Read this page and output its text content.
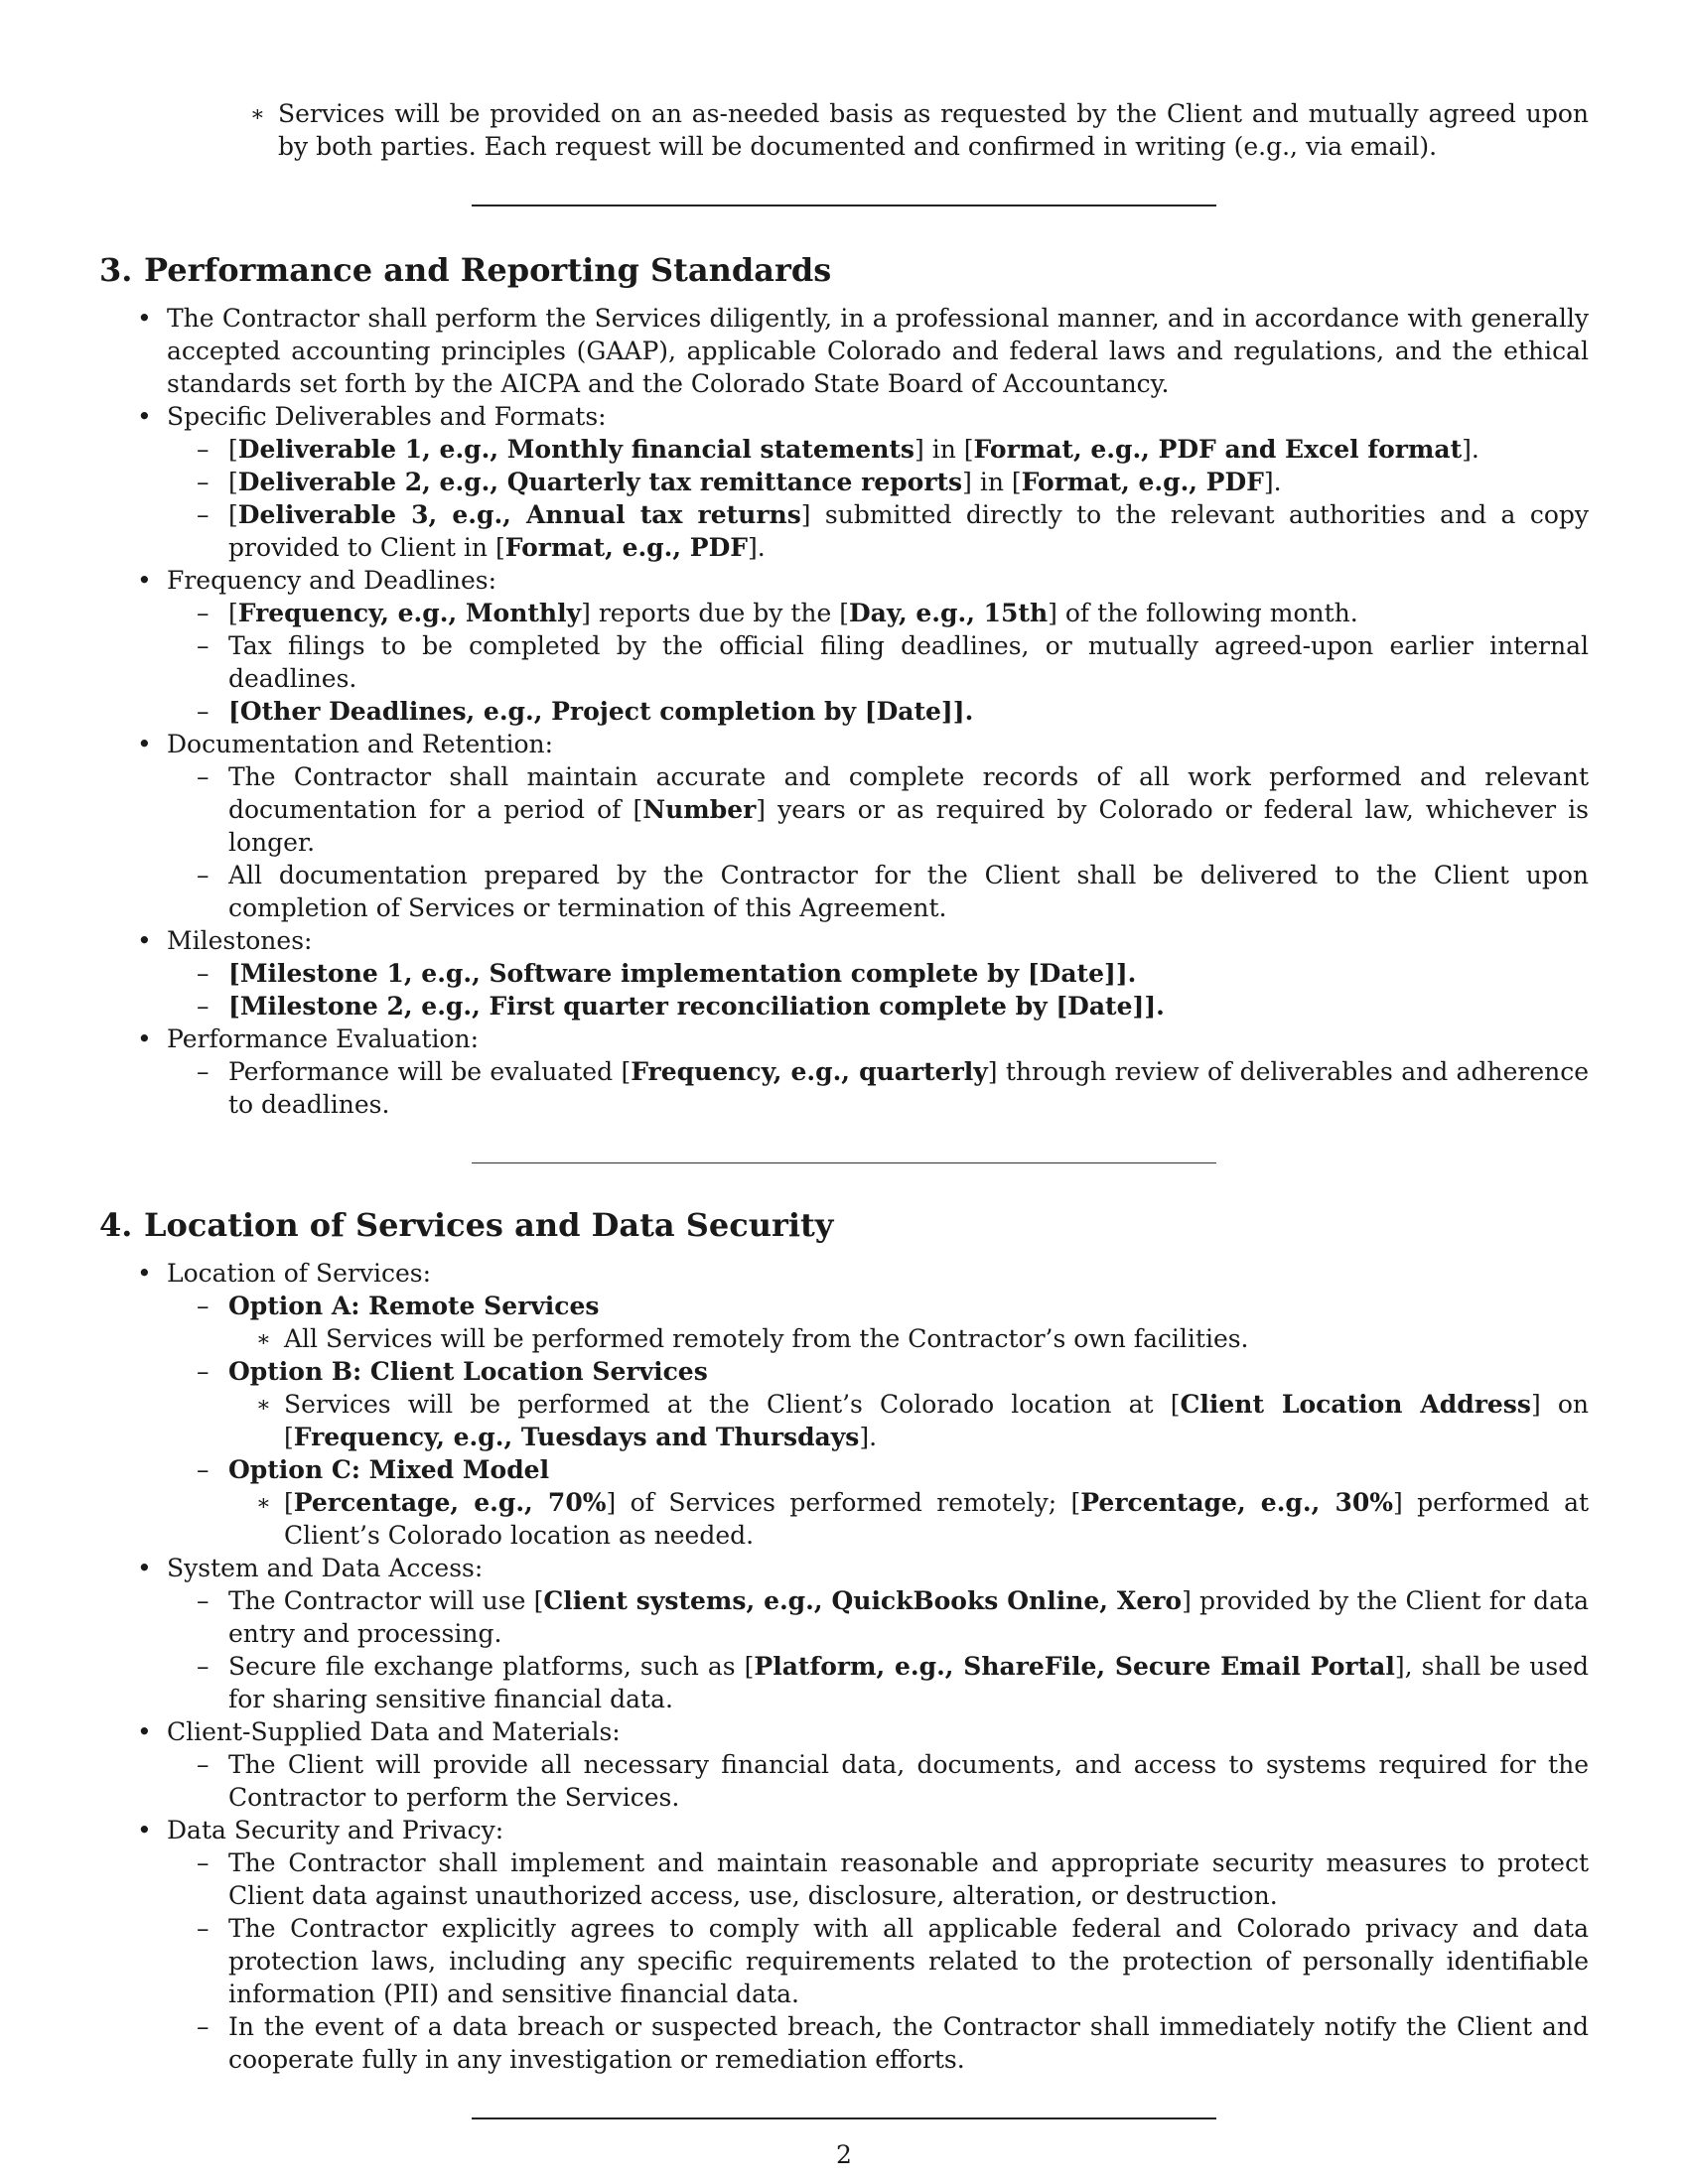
∗ Services will be provided on an as-needed basis as requested by the Client and mutually agreed upon by both parties. Each request will be documented and confirmed in writing (e.g., via email).
3. Performance and Reporting Standards
• The Contractor shall perform the Services diligently, in a professional manner, and in accordance with generally accepted accounting principles (GAAP), applicable Colorado and federal laws and regulations, and the ethical standards set forth by the AICPA and the Colorado State Board of Accountancy.
• Specific Deliverables and Formats:
– [Deliverable 1, e.g., Monthly financial statements] in [Format, e.g., PDF and Excel format].
– [Deliverable 2, e.g., Quarterly tax remittance reports] in [Format, e.g., PDF].
– [Deliverable 3, e.g., Annual tax returns] submitted directly to the relevant authorities and a copy provided to Client in [Format, e.g., PDF].
• Frequency and Deadlines:
– [Frequency, e.g., Monthly] reports due by the [Day, e.g., 15th] of the following month.
– Tax filings to be completed by the official filing deadlines, or mutually agreed-upon earlier internal deadlines.
– [Other Deadlines, e.g., Project completion by [Date]].
• Documentation and Retention:
– The Contractor shall maintain accurate and complete records of all work performed and relevant documentation for a period of [Number] years or as required by Colorado or federal law, whichever is longer.
– All documentation prepared by the Contractor for the Client shall be delivered to the Client upon completion of Services or termination of this Agreement.
• Milestones:
– [Milestone 1, e.g., Software implementation complete by [Date]].
– [Milestone 2, e.g., First quarter reconciliation complete by [Date]].
• Performance Evaluation:
– Performance will be evaluated [Frequency, e.g., quarterly] through review of deliverables and adherence to deadlines.
4. Location of Services and Data Security
• Location of Services:
– Option A: Remote Services
∗ All Services will be performed remotely from the Contractor’s own facilities.
– Option B: Client Location Services
∗ Services will be performed at the Client’s Colorado location at [Client Location Address] on [Frequency, e.g., Tuesdays and Thursdays].
– Option C: Mixed Model
∗ [Percentage, e.g., 70%] of Services performed remotely; [Percentage, e.g., 30%] performed at Client’s Colorado location as needed.
• System and Data Access:
– The Contractor will use [Client systems, e.g., QuickBooks Online, Xero] provided by the Client for data entry and processing.
– Secure file exchange platforms, such as [Platform, e.g., ShareFile, Secure Email Portal], shall be used for sharing sensitive financial data.
• Client-Supplied Data and Materials:
– The Client will provide all necessary financial data, documents, and access to systems required for the Contractor to perform the Services.
• Data Security and Privacy:
– The Contractor shall implement and maintain reasonable and appropriate security measures to protect Client data against unauthorized access, use, disclosure, alteration, or destruction.
– The Contractor explicitly agrees to comply with all applicable federal and Colorado privacy and data protection laws, including any specific requirements related to the protection of personally identifiable information (PII) and sensitive financial data.
– In the event of a data breach or suspected breach, the Contractor shall immediately notify the Client and cooperate fully in any investigation or remediation efforts.
2
